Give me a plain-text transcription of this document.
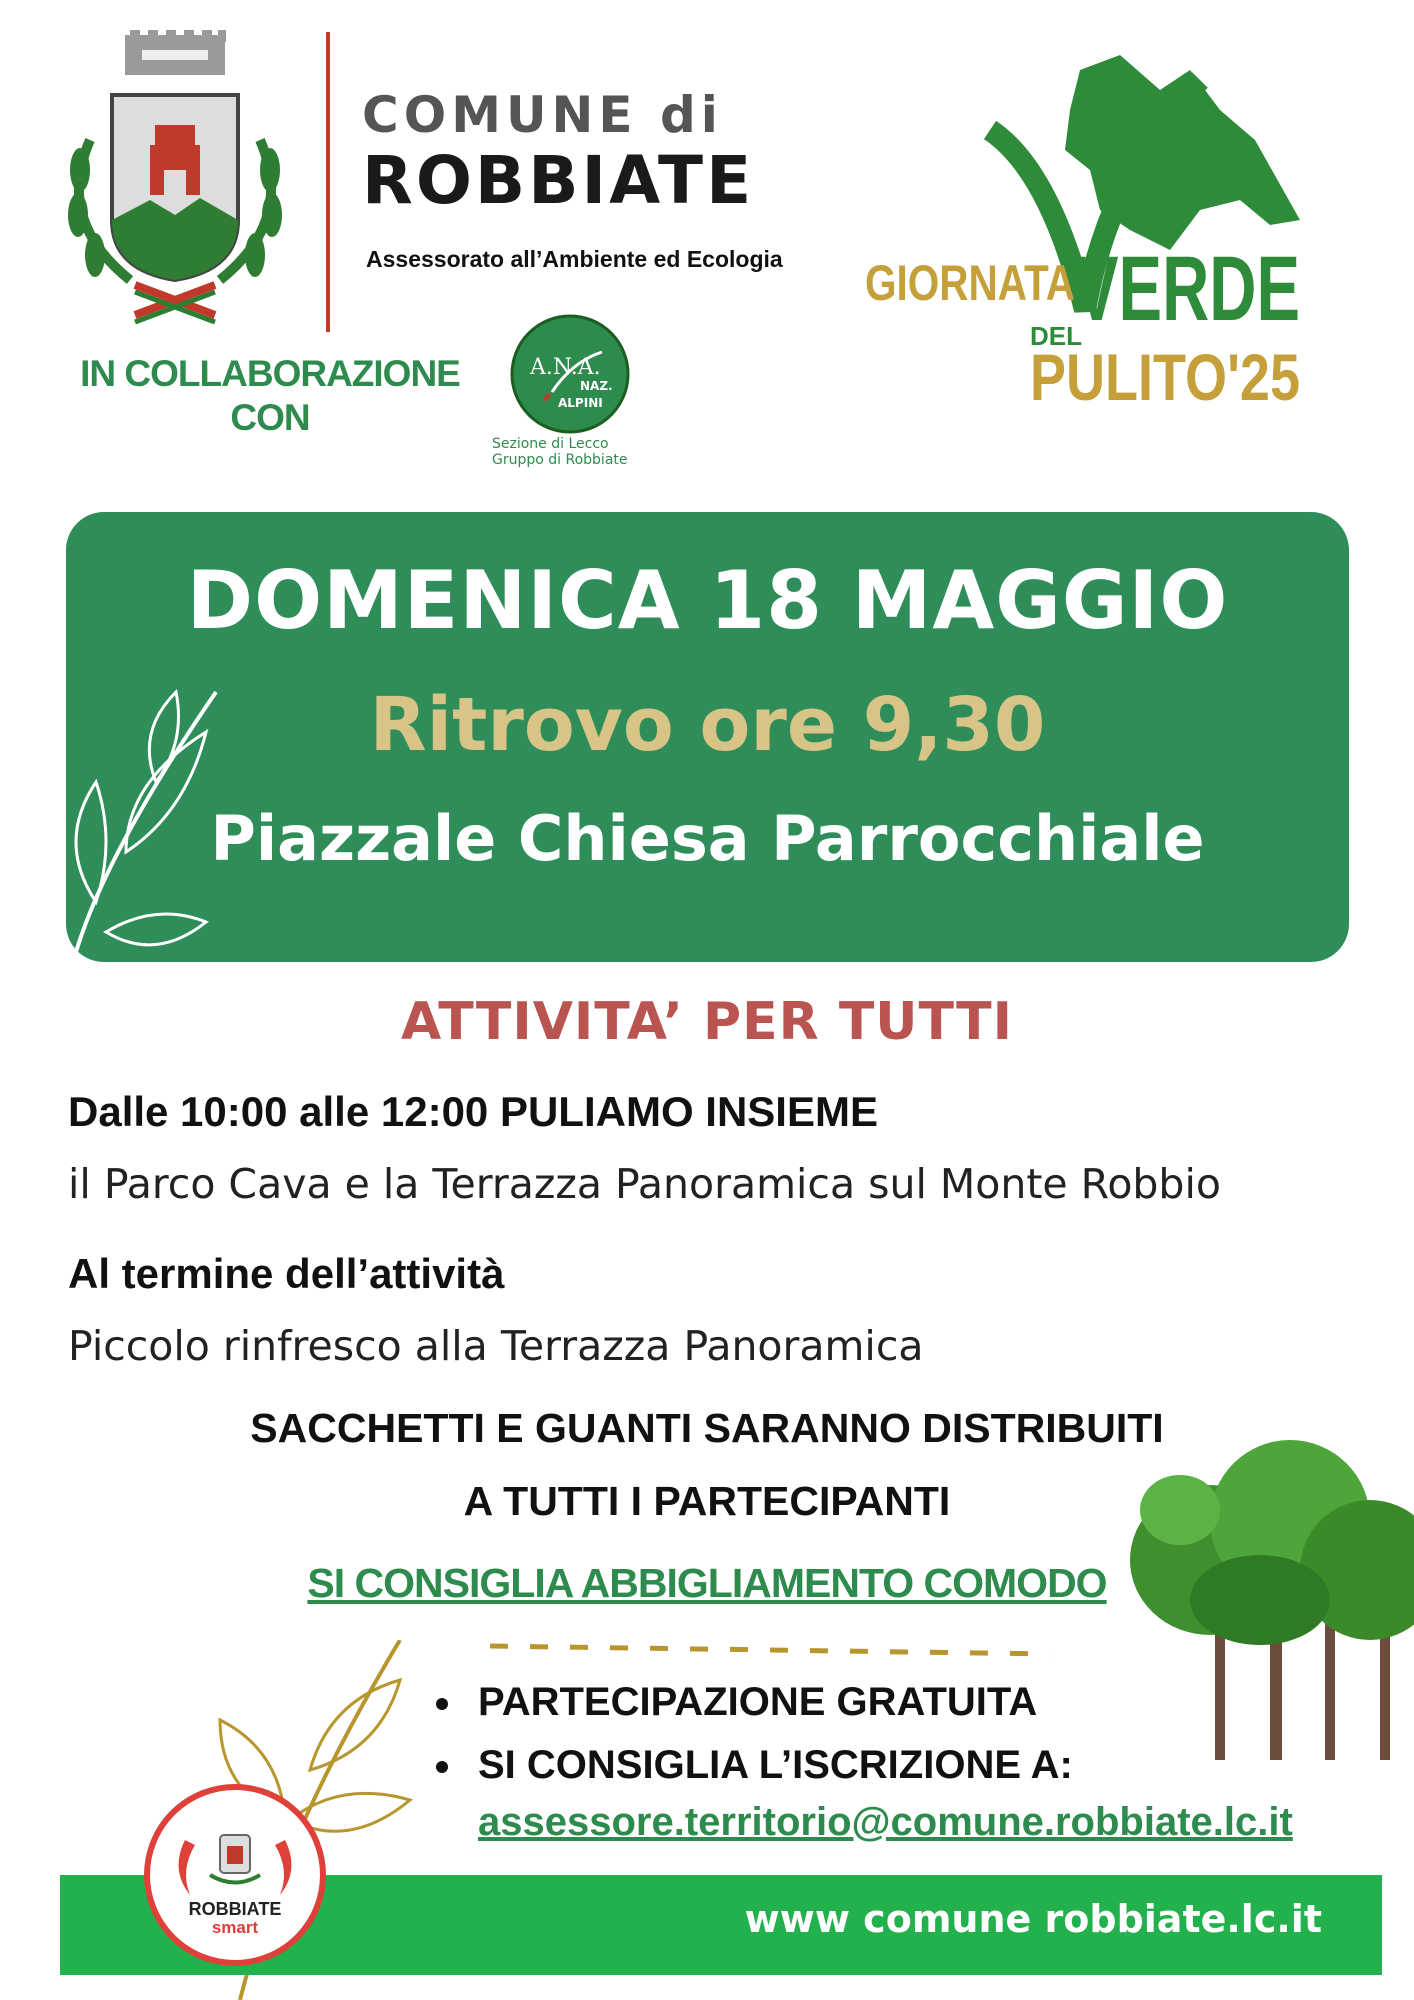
COMUNE di
ROBBIATE
Assessorato all’Ambiente ed Ecologia
IN COLLABORAZIONE
CON
A.N.A.
NAZ.
ALPINI
Sezione di Lecco
Gruppo di Robbiate
GIORNATA VERDE
DEL
PULITO'25
DOMENICA 18 MAGGIO
Ritrovo ore 9,30
Piazzale Chiesa Parrocchiale
ATTIVITA’ PER TUTTI
Dalle 10:00 alle 12:00 PULIAMO INSIEME
il Parco Cava e la Terrazza Panoramica sul Monte Robbio
Al termine dell’attività
Piccolo rinfresco alla Terrazza Panoramica
SACCHETTI E GUANTI SARANNO DISTRIBUITI
A TUTTI I PARTECIPANTI
SI CONSIGLIA ABBIGLIAMENTO COMODO
PARTECIPAZIONE GRATUITA
SI CONSIGLIA L’ISCRIZIONE A:
assessore.territorio@comune.robbiate.lc.it
www comune robbiate.lc.it
ROBBIATE
smart
